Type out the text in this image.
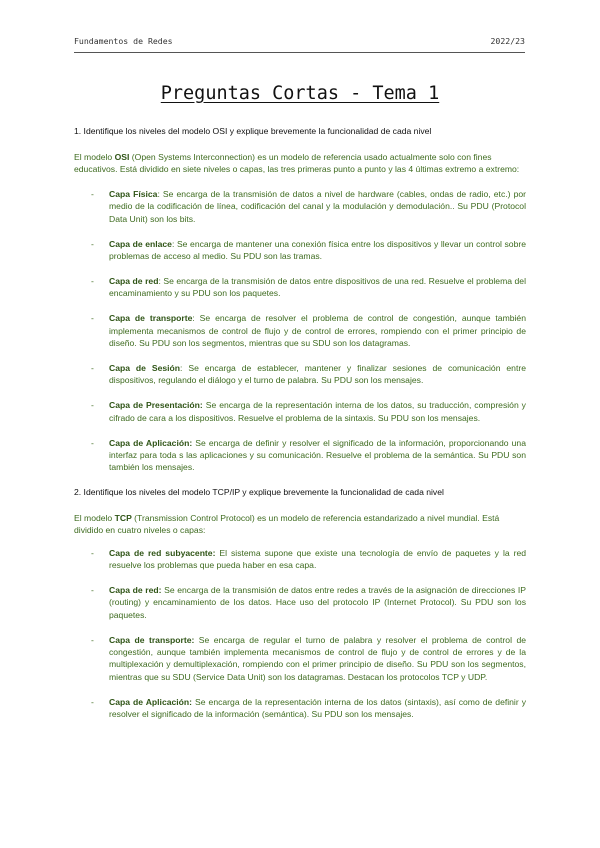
Fundamentos de Redes	2022/23
Preguntas Cortas - Tema 1

1. Identifique los niveles del modelo OSI y explique brevemente la funcionalidad de cada nivel

El modelo OSI (Open Systems Interconnection) es un modelo de referencia usado actualmente solo con fines educativos. Está dividido en siete niveles o capas, las tres primeras punto a punto y las 4 últimas extremo a extremo:

- Capa Física: Se encarga de la transmisión de datos a nivel de hardware (cables, ondas de radio, etc.) por medio de la codificación de línea, codificación del canal y la modulación y demodulación.. Su PDU (Protocol Data Unit) son los bits.
- Capa de enlace: Se encarga de mantener una conexión física entre los dispositivos y llevar un control sobre problemas de acceso al medio. Su PDU son las tramas.
- Capa de red: Se encarga de la transmisión de datos entre dispositivos de una red. Resuelve el problema del encaminamiento y su PDU son los paquetes.
- Capa de transporte: Se encarga de resolver el problema de control de congestión, aunque también implementa mecanismos de control de flujo y de control de errores, rompiendo con el primer principio de diseño. Su PDU son los segmentos, mientras que su SDU son los datagramas.
- Capa de Sesión: Se encarga de establecer, mantener y finalizar sesiones de comunicación entre dispositivos, regulando el diálogo y el turno de palabra. Su PDU son los mensajes.
- Capa de Presentación: Se encarga de la representación interna de los datos, su traducción, compresión y cifrado de cara a los dispositivos. Resuelve el problema de la sintaxis. Su PDU son los mensajes.
- Capa de Aplicación: Se encarga de definir y resolver el significado de la información, proporcionando una interfaz para toda s las aplicaciones y su comunicación. Resuelve el problema de la semántica. Su PDU son también los mensajes.

2. Identifique los niveles del modelo TCP/IP y explique brevemente la funcionalidad de cada nivel

El modelo TCP (Transmission Control Protocol) es un modelo de referencia estandarizado a nivel mundial. Está dividido en cuatro niveles o capas:

- Capa de red subyacente: El sistema supone que existe una tecnología de envío de paquetes y la red resuelve los problemas que pueda haber en esa capa.
- Capa de red: Se encarga de la transmisión de datos entre redes a través de la asignación de direcciones IP (routing) y encaminamiento de los datos. Hace uso del protocolo IP (Internet Protocol). Su PDU son los paquetes.
- Capa de transporte: Se encarga de regular el turno de palabra y resolver el problema de control de congestión, aunque también implementa mecanismos de control de flujo y de control de errores y de la multiplexación y demultiplexación, rompiendo con el primer principio de diseño. Su PDU son los segmentos, mientras que su SDU (Service Data Unit) son los datagramas. Destacan los protocolos TCP y UDP.
- Capa de Aplicación: Se encarga de la representación interna de los datos (sintaxis), así como de definir y resolver el significado de la información (semántica). Su PDU son los mensajes.
